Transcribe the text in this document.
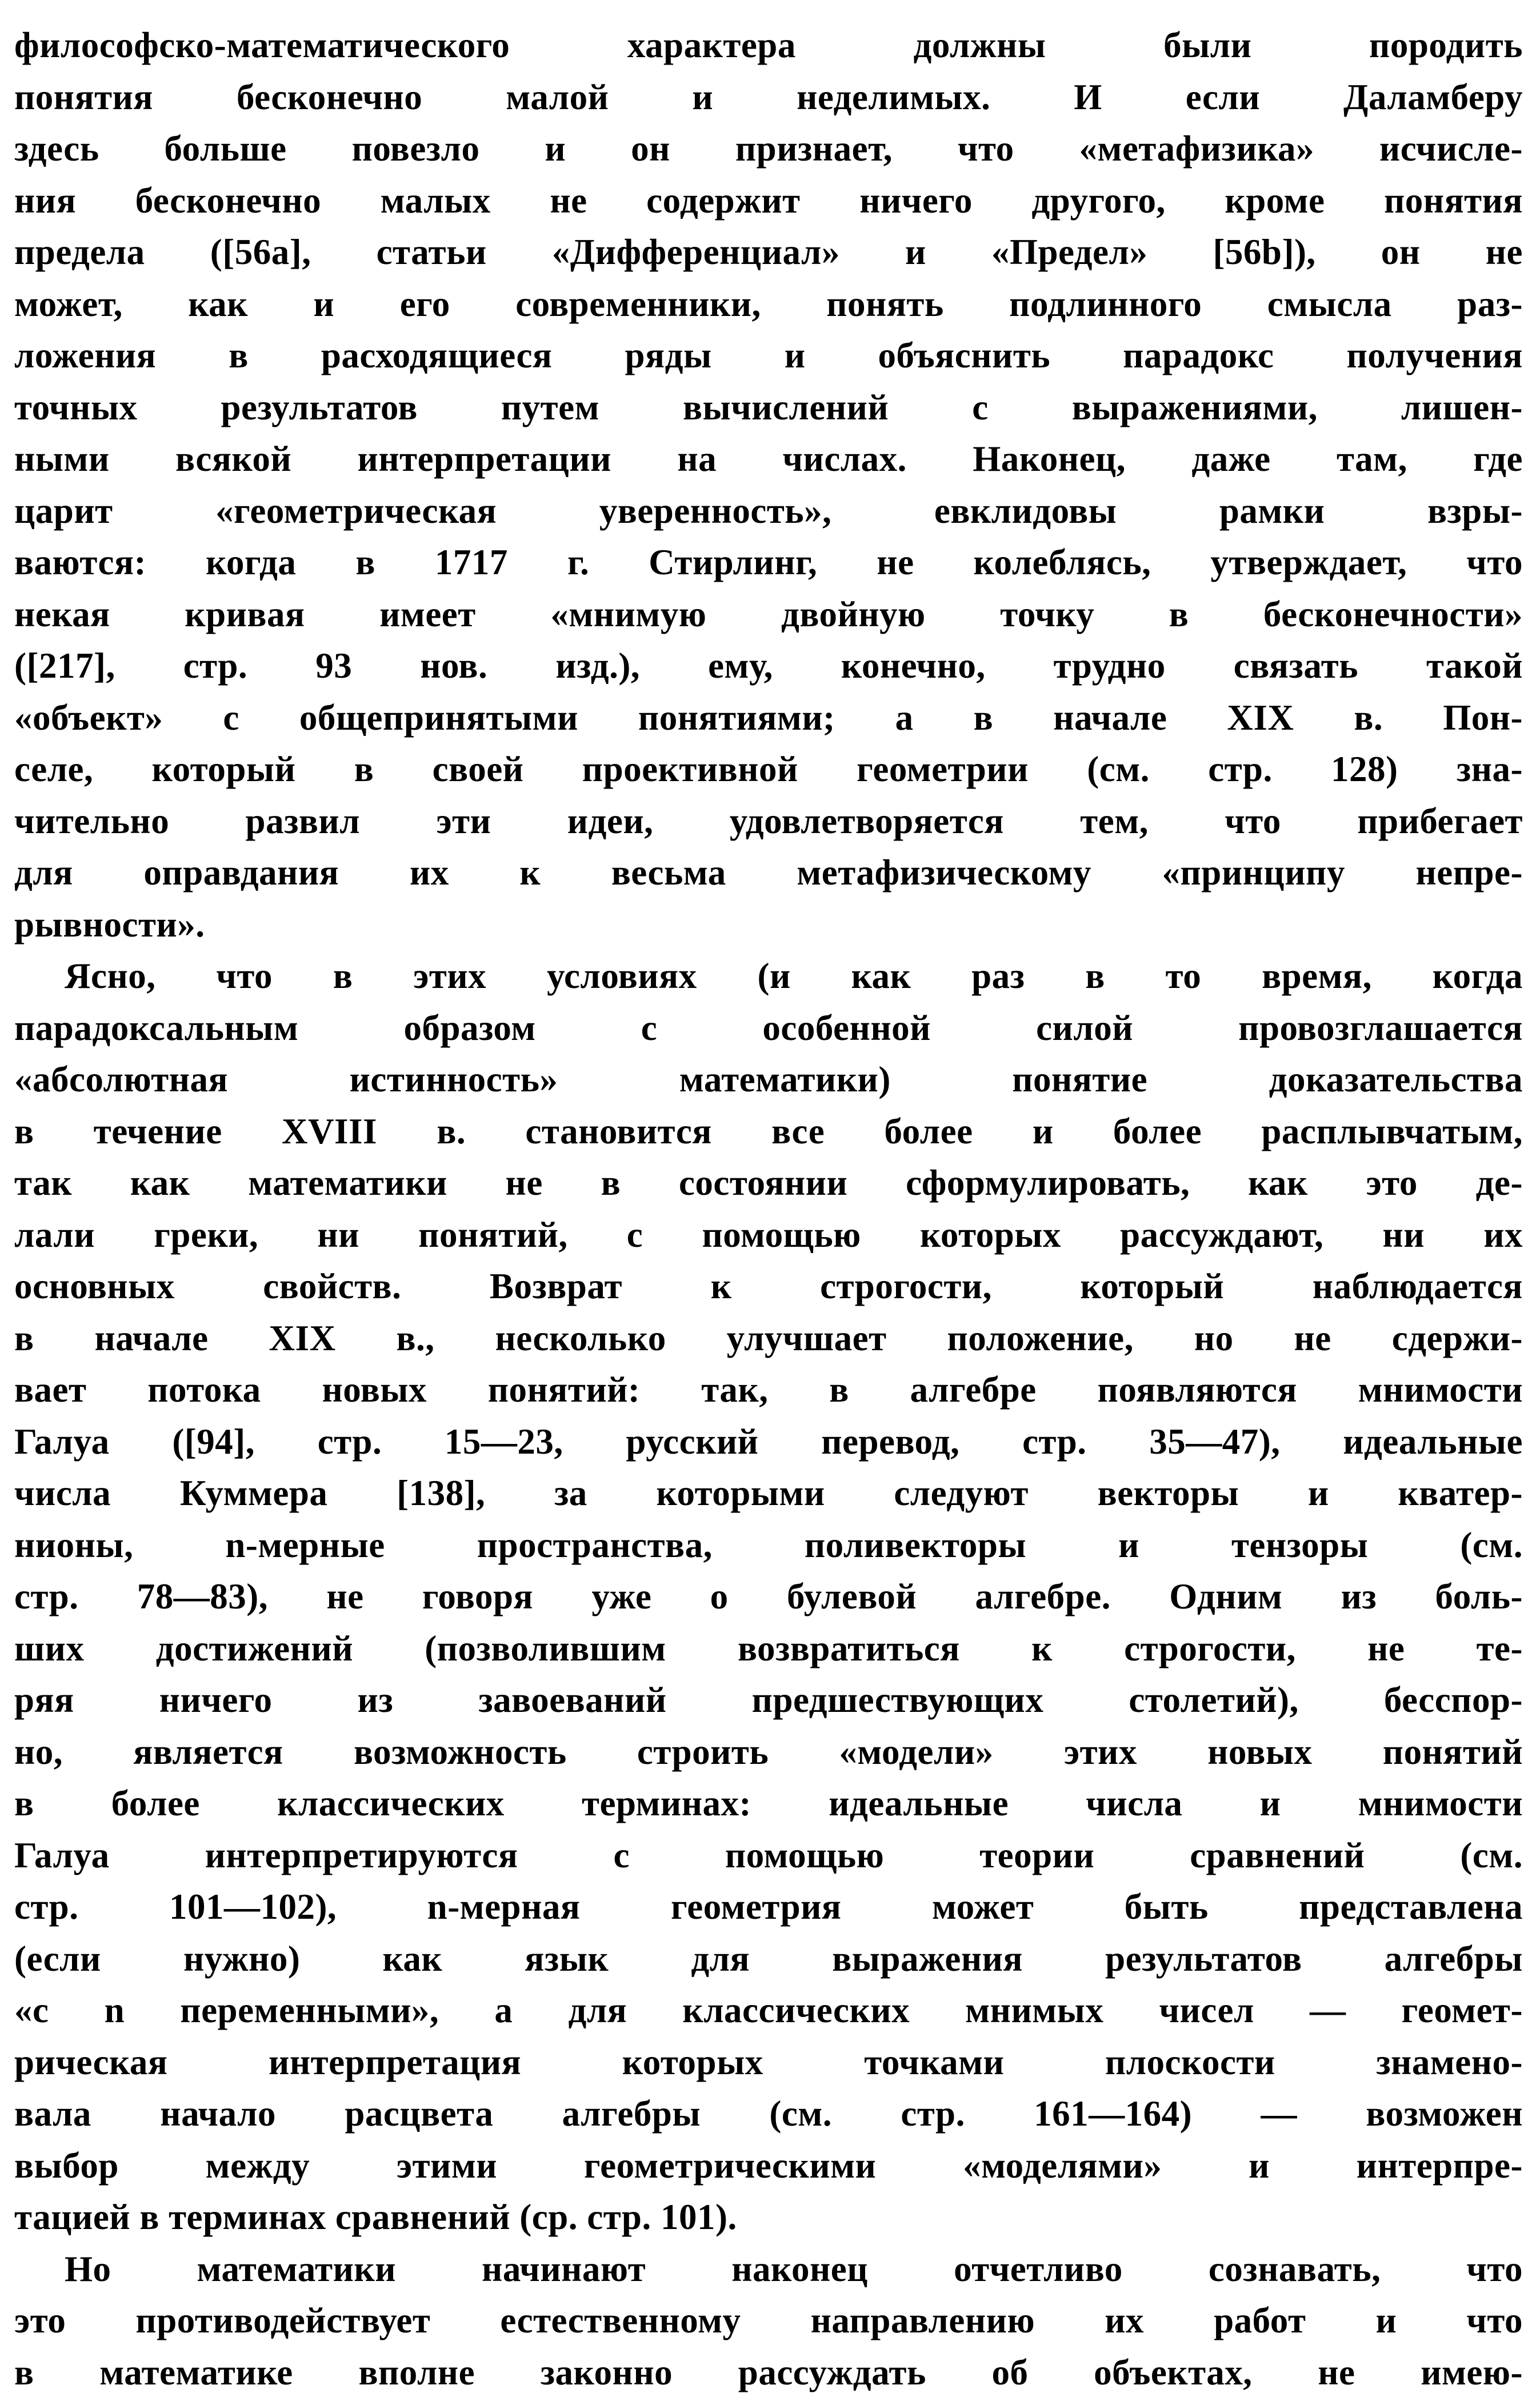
философско-математического характера должны были породить
понятия бесконечно малой и неделимых. И если Даламберу
здесь больше повезло и он признает, что «метафизика» исчисле-
ния бесконечно малых не содержит ничего другого, кроме понятия
предела ([56a], статьи «Дифференциал» и «Предел» [56b]), он не
может, как и его современники, понять подлинного смысла раз-
ложения в расходящиеся ряды и объяснить парадокс получения
точных результатов путем вычислений с выражениями, лишен-
ными всякой интерпретации на числах. Наконец, даже там, где
царит «геометрическая уверенность», евклидовы рамки взры-
ваются: когда в 1717 г. Стирлинг, не колеблясь, утверждает, что
некая кривая имеет «мнимую двойную точку в бесконечности»
([217], стр. 93 нов. изд.), ему, конечно, трудно связать такой
«объект» с общепринятыми понятиями; а в начале XIX в. Пон-
селе, который в своей проективной геометрии (см. стр. 128) зна-
чительно развил эти идеи, удовлетворяется тем, что прибегает
для оправдания их к весьма метафизическому «принципу непре-
рывности».
Ясно, что в этих условиях (и как раз в то время, когда
парадоксальным образом с особенной силой провозглашается
«абсолютная истинность» математики) понятие доказательства
в течение XVIII в. становится все более и более расплывчатым,
так как математики не в состоянии сформулировать, как это де-
лали греки, ни понятий, с помощью которых рассуждают, ни их
основных свойств. Возврат к строгости, который наблюдается
в начале XIX в., несколько улучшает положение, но не сдержи-
вает потока новых понятий: так, в алгебре появляются мнимости
Галуа ([94], стр. 15—23, русский перевод, стр. 35—47), идеальные
числа Куммера [138], за которыми следуют векторы и кватер-
нионы, n-мерные пространства, поливекторы и тензоры (см.
стр. 78—83), не говоря уже о булевой алгебре. Одним из боль-
ших достижений (позволившим возвратиться к строгости, не те-
ряя ничего из завоеваний предшествующих столетий), бесспор-
но, является возможность строить «модели» этих новых понятий
в более классических терминах: идеальные числа и мнимости
Галуа интерпретируются с помощью теории сравнений (см.
стр. 101—102), n-мерная геометрия может быть представлена
(если нужно) как язык для выражения результатов алгебры
«с n переменными», а для классических мнимых чисел — геомет-
рическая интерпретация которых точками плоскости знамено-
вала начало расцвета алгебры (см. стр. 161—164) — возможен
выбор между этими геометрическими «моделями» и интерпре-
тацией в терминах сравнений (ср. стр. 101).
Но математики начинают наконец отчетливо сознавать, что
это противодействует естественному направлению их работ и что
в математике вполне законно рассуждать об объектах, не имею-
